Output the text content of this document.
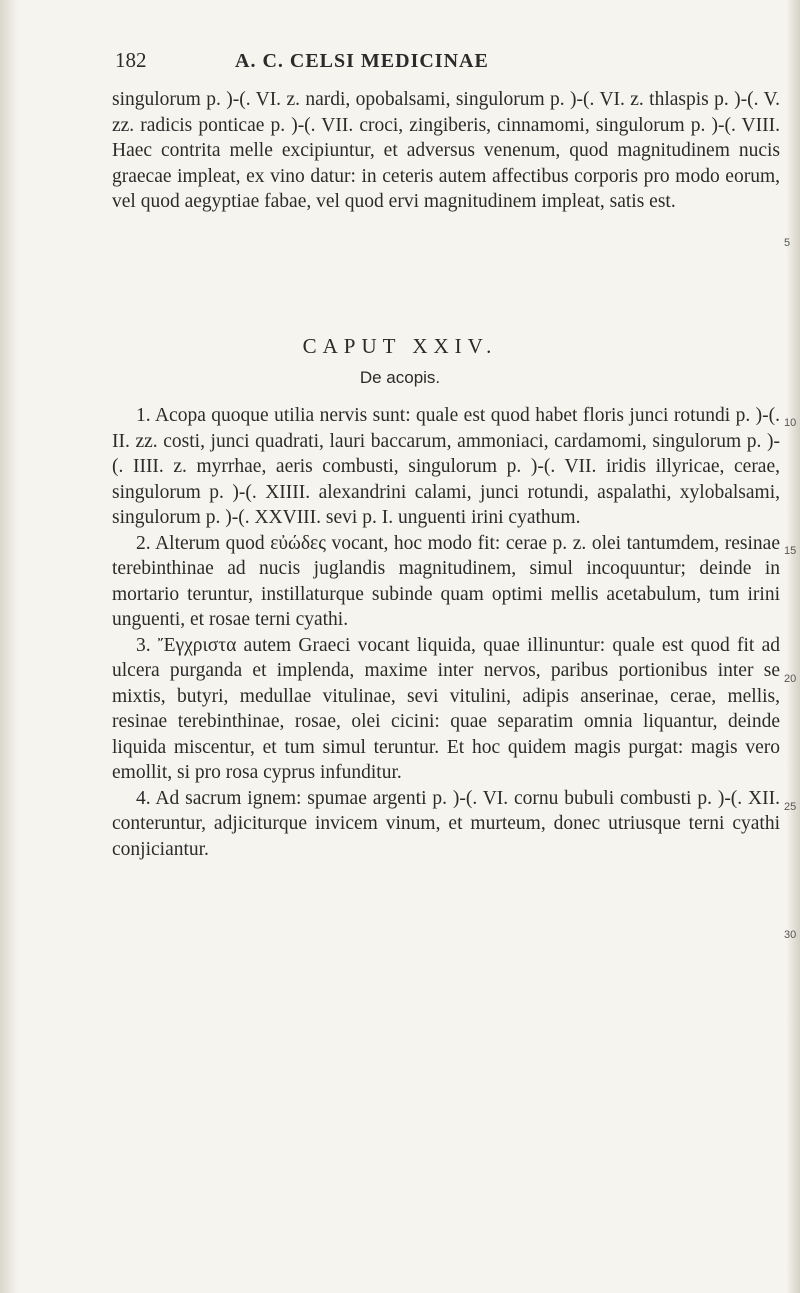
182	A. C. CELSI MEDICINAE

singulorum p. )-(. VI. z. nardi, opobalsami, singulorum p. )-(. VI. z. thlaspis p. )-(. V. zz. radicis ponticae p. )-(. VII. croci, zingiberis, cinnamomi, singulorum p. )-(. VIII. Haec contrita melle excipiuntur, et adversus venenum, quod magnitudinem nucis graecae impleat, ex vino datur: in ceteris autem affectibus corporis pro modo eorum, vel quod aegyptiae fabae, vel quod ervi magnitudinem impleat, satis est.

CAPUT XXIV.
De acopis.

1. Acopa quoque utilia nervis sunt: quale est quod habet floris junci rotundi p. )-(. II. zz. costi, junci quadrati, lauri baccarum, ammoniaci, cardamomi, singulorum p. )-(. IIII. z. myrrhae, aeris combusti, singulorum p. )-(. VII. iridis illyricae, cerae, singulorum p. )-(. XIIII. alexandrini calami, junci rotundi, aspalathi, xylobalsami, singulorum p. )-(. XXVIII. sevi p. I. unguenti irini cyathum.

2. Alterum quod εὐώδες vocant, hoc modo fit: cerae p. z. olei tantumdem, resinae terebinthinae ad nucis juglandis magnitudinem, simul incoquuntur; deinde in mortario teruntur, instillaturque subinde quam optimi mellis acetabulum, tum irini unguenti, et rosae terni cyathi.

3. Ἔγχριστα autem Graeci vocant liquida, quae illinuntur: quale est quod fit ad ulcera purganda et implenda, maxime inter nervos, paribus portionibus inter se mixtis, butyri, medullae vitulinae, sevi vitulini, adipis anserinae, cerae, mellis, resinae terebinthinae, rosae, olei cicini: quae separatim omnia liquantur, deinde liquida miscentur, et tum simul teruntur. Et hoc quidem magis purgat: magis vero emollit, si pro rosa cyprus infunditur.

4. Ad sacrum ignem: spumae argenti p. )-(. VI. cornu bubuli combusti p. )-(. XII. conteruntur, adjiciturque invicem vinum, et murteum, donec utriusque terni cyathi conjiciantur.

5
10
15
20
25
30
